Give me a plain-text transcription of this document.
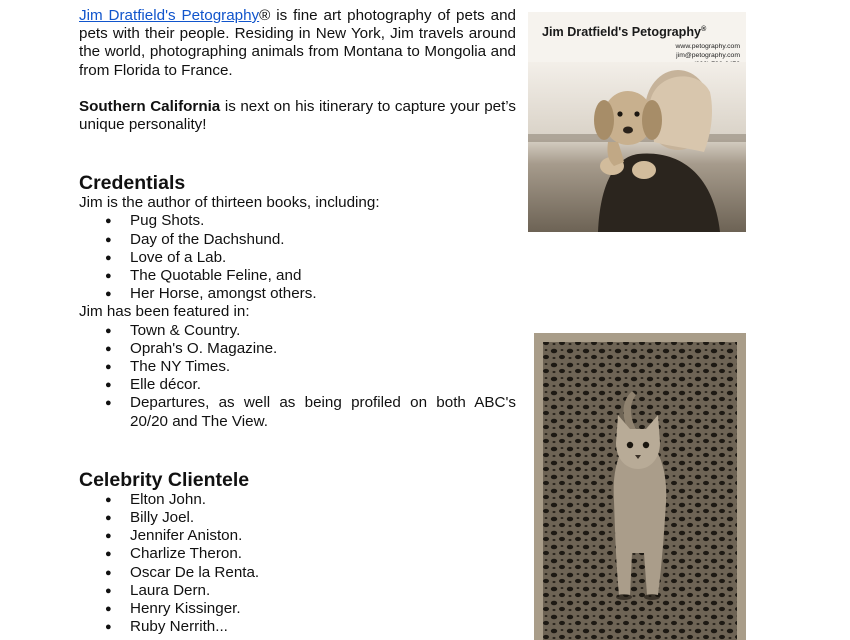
Jim Dratfield's Petography® is fine art photography of pets and pets with their people. Residing in New York, Jim travels around the world, photographing animals from Montana to Mongolia and from Florida to France.

Southern California is next on his itinerary to capture your pet’s unique personality!

Credentials

Jim is the author of thirteen books, including:

● Pug Shots.
● Day of the Dachshund.
● Love of a Lab.
● The Quotable Feline, and
● Her Horse, amongst others.

Jim has been featured in:

● Town & Country.
● Oprah's O. Magazine.
● The NY Times.
● Elle décor.
● Departures, as well as being profiled on both ABC's 20/20 and The View.
Celebrity Clientele
● Elton John.
● Billy Joel.
● Jennifer Aniston.
● Charlize Theron.
● Oscar De la Renta.
● Laura Dern.
● Henry Kissinger.
● Ruby Nerrith...
Jim Dratfield's Petography®
www.petography.com
jim@petography.com
